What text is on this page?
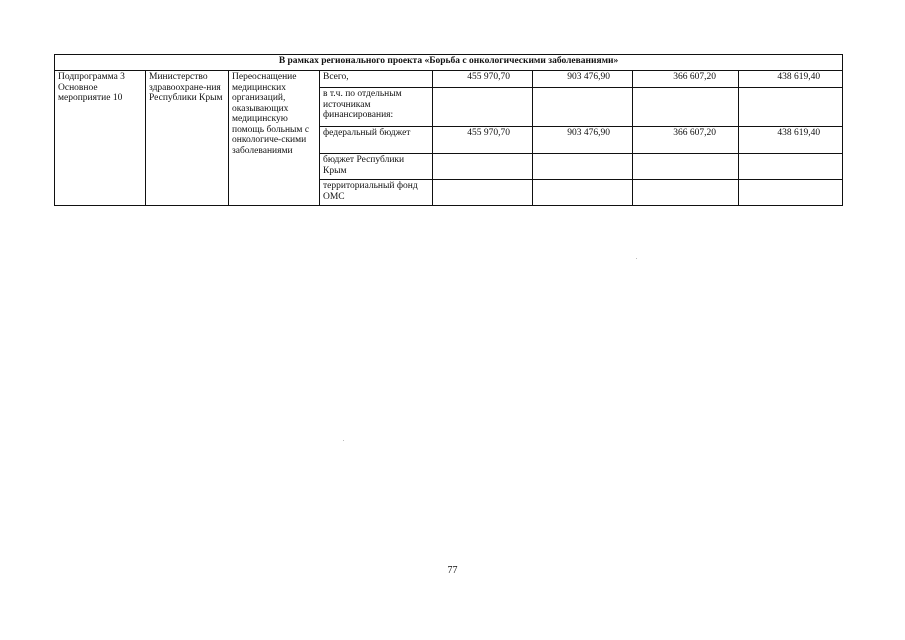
В рамках регионального проекта «Борьба с онкологическими заболеваниями»							
Подпрограмма 3 Основное мероприятие 10	Министерство здравоохране-ния Республики Крым	Переоснащение медицинских организаций, оказывающих медицинскую помощь больным с онкологиче-скими заболеваниями	Всего,	455 970,70	903 476,90	366 607,20	438 619,40
			в т.ч. по отдельным источникам финансирования:				
			федеральный бюджет	455 970,70	903 476,90	366 607,20	438 619,40
			бюджет Республики Крым				
			территориальный фонд ОМС				
77
